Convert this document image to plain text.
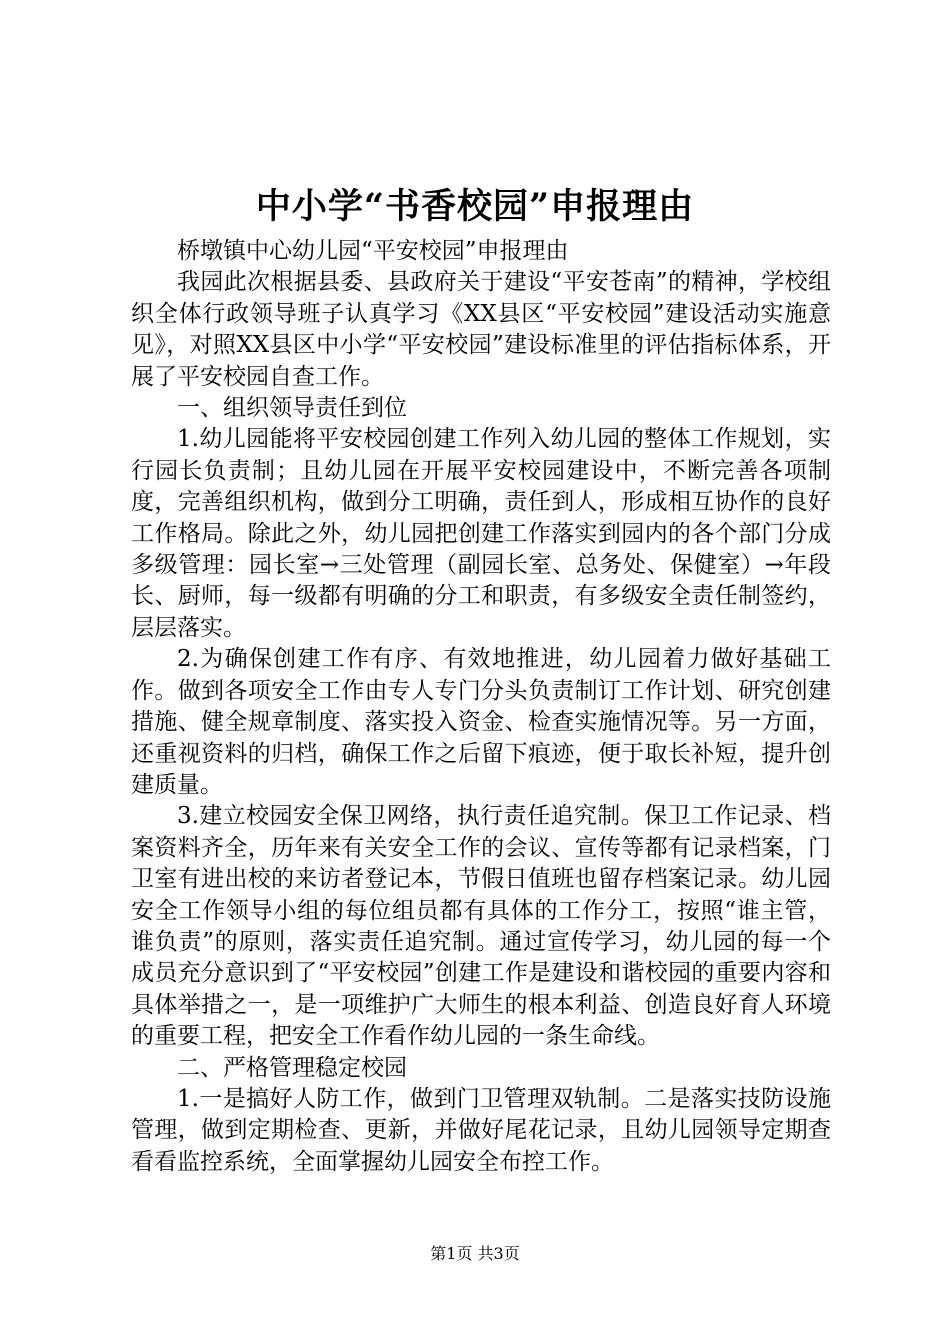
中小学“书香校园”申报理由

桥墩镇中心幼儿园“平安校园”申报理由

我园此次根据县委、县政府关于建设“平安苍南”的精神，学校组织全体行政领导班子认真学习《XX县区“平安校园”建设活动实施意见》，对照XX县区中小学“平安校园”建设标准里的评估指标体系，开展了平安校园自查工作。

一、组织领导责任到位

1.幼儿园能将平安校园创建工作列入幼儿园的整体工作规划，实行园长负责制；且幼儿园在开展平安校园建设中，不断完善各项制度，完善组织机构，做到分工明确，责任到人，形成相互协作的良好工作格局。除此之外，幼儿园把创建工作落实到园内的各个部门分成多级管理：园长室→三处管理（副园长室、总务处、保健室）→年段长、厨师，每一级都有明确的分工和职责，有多级安全责任制签约，层层落实。

2.为确保创建工作有序、有效地推进，幼儿园着力做好基础工作。做到各项安全工作由专人专门分头负责制订工作计划、研究创建措施、健全规章制度、落实投入资金、检查实施情况等。另一方面，还重视资料的归档，确保工作之后留下痕迹，便于取长补短，提升创建质量。

3.建立校园安全保卫网络，执行责任追究制。保卫工作记录、档案资料齐全，历年来有关安全工作的会议、宣传等都有记录档案，门卫室有进出校的来访者登记本，节假日值班也留存档案记录。幼儿园安全工作领导小组的每位组员都有具体的工作分工，按照“谁主管，谁负责”的原则，落实责任追究制。通过宣传学习，幼儿园的每一个成员充分意识到了“平安校园”创建工作是建设和谐校园的重要内容和具体举措之一，是一项维护广大师生的根本利益、创造良好育人环境的重要工程，把安全工作看作幼儿园的一条生命线。

二、严格管理稳定校园

1.一是搞好人防工作，做到门卫管理双轨制。二是落实技防设施管理，做到定期检查、更新，并做好尾花记录，且幼儿园领导定期查看看监控系统，全面掌握幼儿园安全布控工作。

第1页 共3页
